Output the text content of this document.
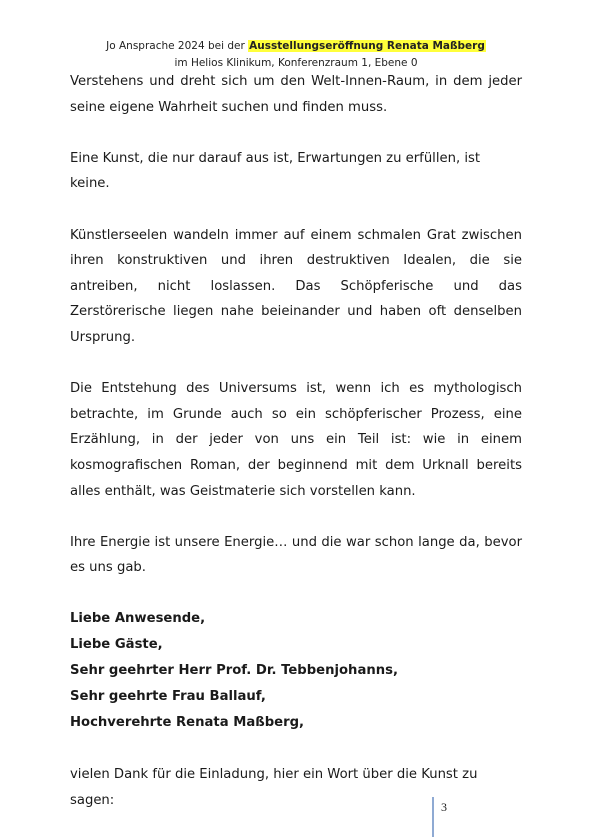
Jo Ansprache 2024 bei der Ausstellungseröffnung Renata Maßberg
im Helios Klinikum, Konferenzraum 1, Ebene 0

Verstehens und dreht sich um den Welt-Innen-Raum, in dem jeder seine eigene Wahrheit suchen und finden muss.

Eine Kunst, die nur darauf aus ist, Erwartungen zu erfüllen, ist keine.

Künstlerseelen wandeln immer auf einem schmalen Grat zwischen ihren konstruktiven und ihren destruktiven Idealen, die sie antreiben, nicht loslassen. Das Schöpferische und das Zerstörerische liegen nahe beieinander und haben oft denselben Ursprung.

Die Entstehung des Universums ist, wenn ich es mythologisch betrachte, im Grunde auch so ein schöpferischer Prozess, eine Erzählung, in der jeder von uns ein Teil ist: wie in einem kosmografischen Roman, der beginnend mit dem Urknall bereits alles enthält, was Geistmaterie sich vorstellen kann.

Ihre Energie ist unsere Energie… und die war schon lange da, bevor es uns gab.

Liebe Anwesende,
Liebe Gäste,
Sehr geehrter Herr Prof. Dr. Tebbenjohanns,
Sehr geehrte Frau Ballauf,
Hochverehrte Renata Maßberg,

vielen Dank für die Einladung, hier ein Wort über die Kunst zu sagen:	3
